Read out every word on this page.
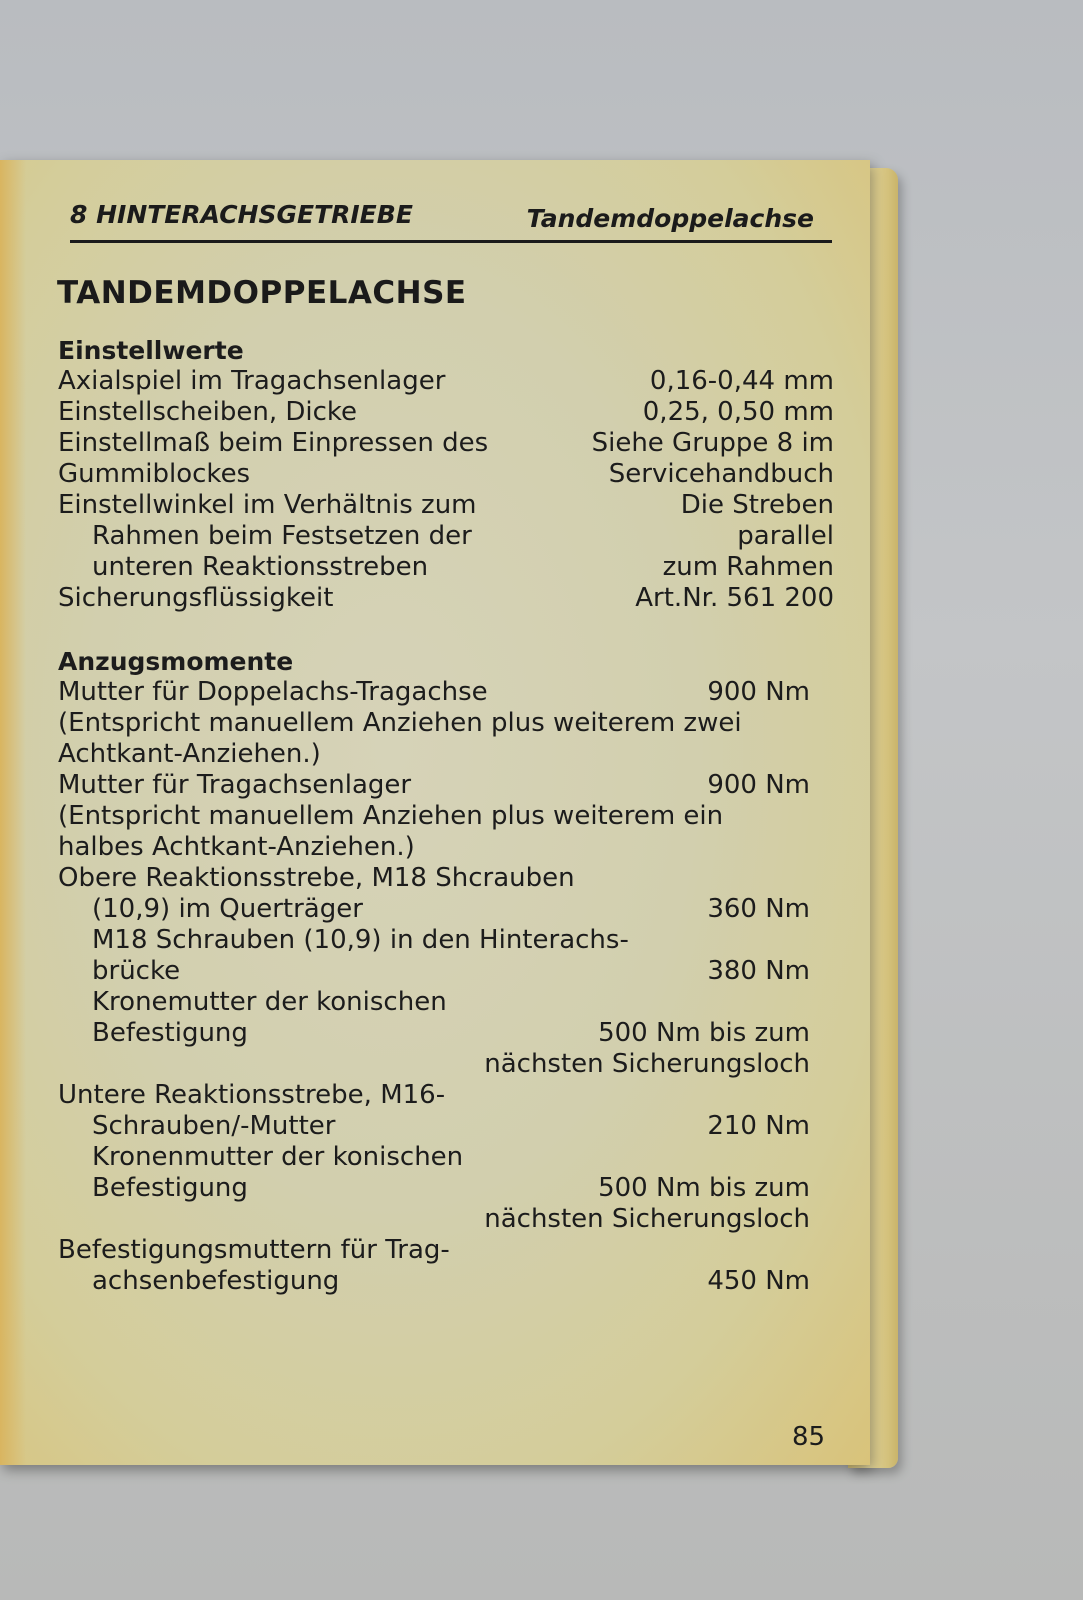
8 HINTERACHSGETRIEBE	Tandemdoppelachse
TANDEMDOPPELACHSE
Einstellwerte
Axialspiel im Tragachsenlager	0,16-0,44 mm
Einstellscheiben, Dicke	0,25, 0,50 mm
Einstellmaß beim Einpressen des	Siehe Gruppe 8 im
Gummiblockes	Servicehandbuch
Einstellwinkel im Verhältnis zum	Die Streben
Rahmen beim Festsetzen der	parallel
unteren Reaktionsstreben	zum Rahmen
Sicherungsflüssigkeit	Art.Nr. 561 200
Anzugsmomente
Mutter für Doppelachs-Tragachse	900 Nm
(Entspricht manuellem Anziehen plus weiterem zwei
Achtkant-Anziehen.)
Mutter für Tragachsenlager	900 Nm
(Entspricht manuellem Anziehen plus weiterem ein
halbes Achtkant-Anziehen.)
Obere Reaktionsstrebe, M18 Shcrauben
(10,9) im Querträger	360 Nm
M18 Schrauben (10,9) in den Hinterachs-
brücke	380 Nm
Kronemutter der konischen
Befestigung	500 Nm bis zum
nächsten Sicherungsloch
Untere Reaktionsstrebe, M16-
Schrauben/-Mutter	210 Nm
Kronenmutter der konischen
Befestigung	500 Nm bis zum
nächsten Sicherungsloch
Befestigungsmuttern für Trag-
achsenbefestigung	450 Nm
85
